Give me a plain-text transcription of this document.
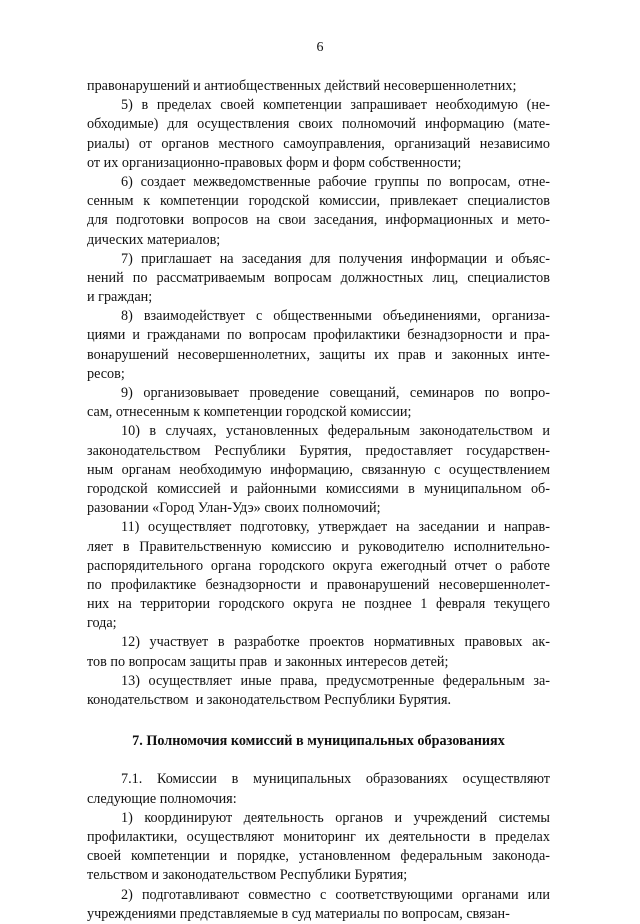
6
правонарушений и антиобщественных действий несовершеннолетних;
5) в пределах своей компетенции запрашивает необходимую (не-
обходимые) для осуществления своих полномочий информацию (мате-
риалы) от органов местного самоуправления, организаций независимо
от их организационно-правовых форм и форм собственности;
6) создает межведомственные рабочие группы по вопросам, отне-
сенным к компетенции городской комиссии, привлекает специалистов
для подготовки вопросов на свои заседания, информационных и мето-
дических материалов;
7) приглашает на заседания для получения информации и объяс-
нений по рассматриваемым вопросам должностных лиц, специалистов
и граждан;
8) взаимодействует с общественными объединениями, организа-
циями и гражданами по вопросам профилактики безнадзорности и пра-
вонарушений несовершеннолетних, защиты их прав и законных инте-
ресов;
9) организовывает проведение совещаний, семинаров по вопро-
сам, отнесенным к компетенции городской комиссии;
10) в случаях, установленных федеральным законодательством и
законодательством Республики Бурятия, предоставляет государствен-
ным органам необходимую информацию, связанную с осуществлением
городской комиссией и районными комиссиями в муниципальном об-
разовании «Город Улан-Удэ» своих полномочий;
11) осуществляет подготовку, утверждает на заседании и направ-
ляет в Правительственную комиссию и руководителю исполнительно-
распорядительного органа городского округа ежегодный отчет о работе
по профилактике безнадзорности и правонарушений несовершеннолет-
них на территории городского округа не позднее 1 февраля текущего
года;
12) участвует в разработке проектов нормативных правовых ак-
тов по вопросам защиты прав  и законных интересов детей;
13) осуществляет иные права, предусмотренные федеральным за-
конодательством  и законодательством Республики Бурятия.
7. Полномочия комиссий в муниципальных образованиях
7.1. Комиссии в муниципальных образованиях осуществляют
следующие полномочия:
1) координируют деятельность органов и учреждений системы
профилактики, осуществляют мониторинг их деятельности в пределах
своей компетенции и порядке, установленном федеральным законода-
тельством и законодательством Республики Бурятия;
2) подготавливают совместно с соответствующими органами или
учреждениями представляемые в суд материалы по вопросам, связан-
